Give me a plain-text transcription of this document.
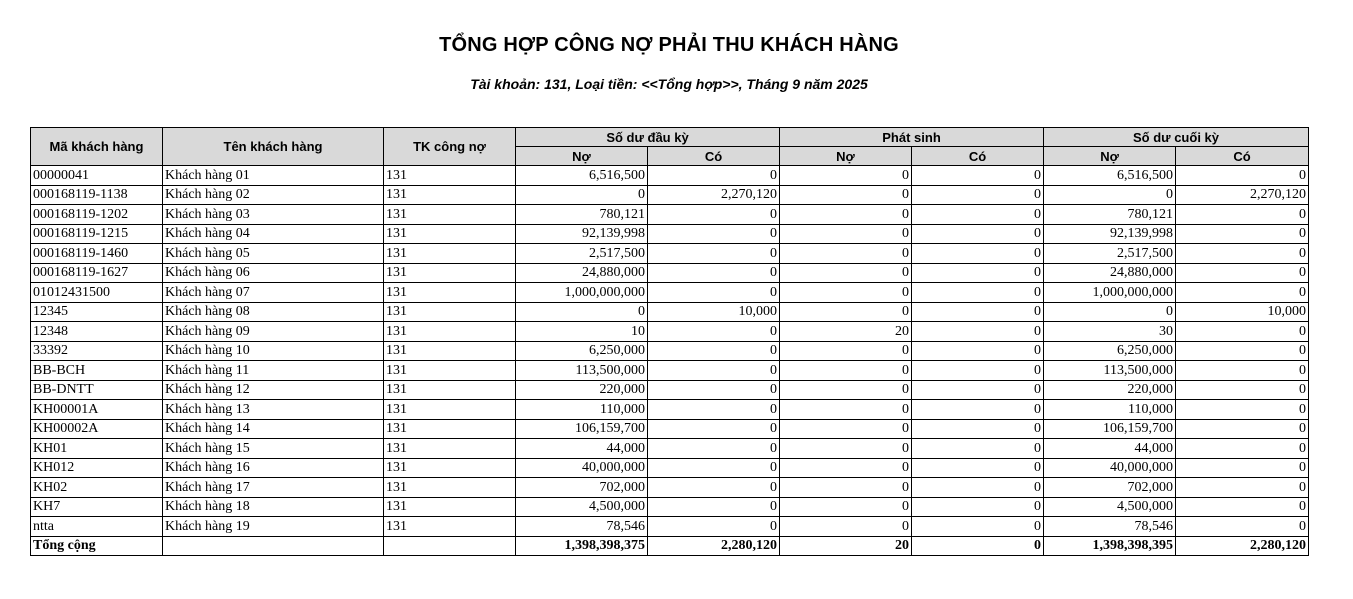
TỔNG HỢP CÔNG NỢ PHẢI THU KHÁCH HÀNG
Tài khoản: 131, Loại tiền: <<Tổng hợp>>, Tháng 9 năm 2025
Mã khách hàng	Tên khách hàng	TK công nợ	Số dư đầu kỳ		Phát sinh		Số dư cuối kỳ	
			Nợ	Có	Nợ	Có	Nợ	Có
00000041	Khách hàng 01	131	6,516,500	0	0	0	6,516,500	0
000168119-1138	Khách hàng 02	131	0	2,270,120	0	0	0	2,270,120
000168119-1202	Khách hàng 03	131	780,121	0	0	0	780,121	0
000168119-1215	Khách hàng 04	131	92,139,998	0	0	0	92,139,998	0
000168119-1460	Khách hàng 05	131	2,517,500	0	0	0	2,517,500	0
000168119-1627	Khách hàng 06	131	24,880,000	0	0	0	24,880,000	0
01012431500	Khách hàng 07	131	1,000,000,000	0	0	0	1,000,000,000	0
12345	Khách hàng 08	131	0	10,000	0	0	0	10,000
12348	Khách hàng 09	131	10	0	20	0	30	0
33392	Khách hàng 10	131	6,250,000	0	0	0	6,250,000	0
BB-BCH	Khách hàng 11	131	113,500,000	0	0	0	113,500,000	0
BB-DNTT	Khách hàng 12	131	220,000	0	0	0	220,000	0
KH00001A	Khách hàng 13	131	110,000	0	0	0	110,000	0
KH00002A	Khách hàng 14	131	106,159,700	0	0	0	106,159,700	0
KH01	Khách hàng 15	131	44,000	0	0	0	44,000	0
KH012	Khách hàng 16	131	40,000,000	0	0	0	40,000,000	0
KH02	Khách hàng 17	131	702,000	0	0	0	702,000	0
KH7	Khách hàng 18	131	4,500,000	0	0	0	4,500,000	0
ntta	Khách hàng 19	131	78,546	0	0	0	78,546	0
Tổng cộng			1,398,398,375	2,280,120	20	0	1,398,398,395	2,280,120
